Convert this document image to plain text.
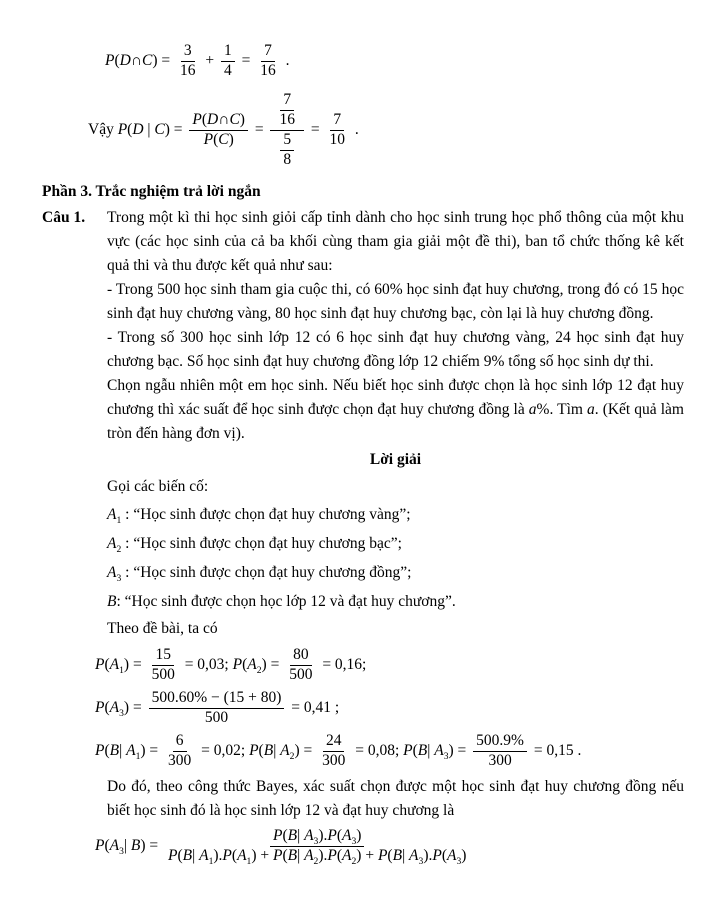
P(D∩C) = $\frac{3}{16} + \frac{1}{4} = \frac{7}{16}$ .
Vậy P(D | $C) = \frac{P(D\cap C)}{P(C)} = \frac{\frac{7}{16}}{\frac{5}{8}} = \frac{7}{10}$ .
Phần 3. Trắc nghiệm trả lời ngắn
Câu 1.	Trong một kì thi học sinh giỏi cấp tỉnh dành cho học sinh trung học phổ thông của một khu vực (các học sinh của cả ba khối cùng tham gia giải một đề thi), ban tổ chức thống kê kết quả thi và thu được kết quả như sau:

- Trong 500 học sinh tham gia cuộc thi, có 60% học sinh đạt huy chương, trong đó có 15 học sinh đạt huy chương vàng, 80 học sinh đạt huy chương bạc, còn lại là huy chương đồng.

- Trong số 300 học sinh lớp 12 có 6 học sinh đạt huy chương vàng, 24 học sinh đạt huy chương bạc. Số học sinh đạt huy chương đồng lớp 12 chiếm 9% tổng số học sinh dự thi.

Chọn ngẫu nhiên một em học sinh. Nếu biết học sinh được chọn là học sinh lớp 12 đạt huy chương thì xác suất để học sinh được chọn đạt huy chương đồng là a%. Tìm a. (Kết quả làm tròn đến hàng đơn vị).

Lời giải

Gọi các biến cố:

$A_1$ : “Học sinh được chọn đạt huy chương vàng”;

$A_2$ : “Học sinh được chọn đạt huy chương bạc”;

$A_3$ : “Học sinh được chọn đạt huy chương đồng”;

B: “Học sinh được chọn học lớp 12 và đạt huy chương”.

Theo đề bài, ta có

$P(A_1) = \frac{15}{500} = 0,03$; $P(A_2) = \frac{80}{500} = 0,16$;
$P(A_3) = \frac{500.60\% - (15 + 80)}{500} = 0,41$ ;
P(B| $A_1) = \frac{6}{300} = 0,02$; P(B| $A_2) = \frac{24}{300} = 0,08$; P(B| $A_3) = \frac{500.9\%}{300} = 0,15$ .

Do đó, theo công thức Bayes, xác suất chọn được một học sinh đạt huy chương đồng nếu biết học sinh đó là học sinh lớp 12 và đạt huy chương là

$P(A_3|$ $B) = \frac{P(B| A_3).P(A_3)}{P(B| A_1).P(A_1) + P(B| A_2).P(A_2) + P(B| A_3).P(A_3)}$
